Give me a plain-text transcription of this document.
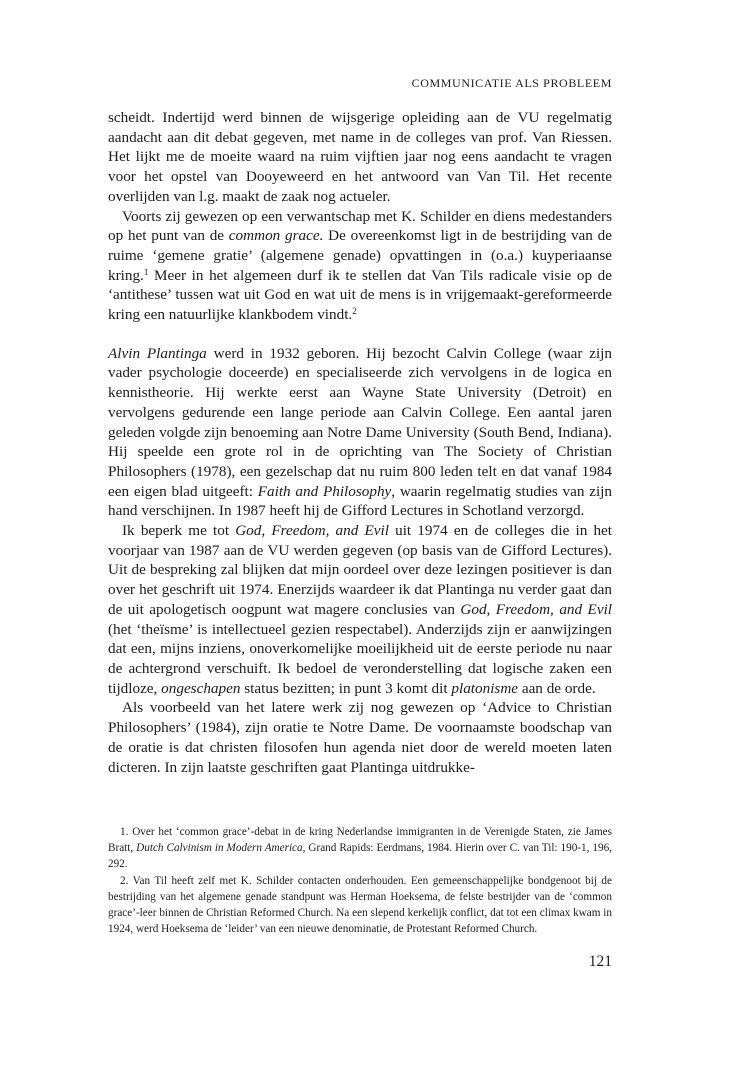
COMMUNICATIE ALS PROBLEEM

scheidt. Indertijd werd binnen de wijsgerige opleiding aan de VU regelmatig aandacht aan dit debat gegeven, met name in de colleges van prof. Van Riessen. Het lijkt me de moeite waard na ruim vijftien jaar nog eens aandacht te vragen voor het opstel van Dooyeweerd en het antwoord van Van Til. Het recente overlijden van l.g. maakt de zaak nog actueler.

Voorts zij gewezen op een verwantschap met K. Schilder en diens medestanders op het punt van de common grace. De overeenkomst ligt in de bestrijding van de ruime ‘gemene gratie’ (algemene genade) opvattingen in (o.a.) kuyperiaanse kring.$^1$ Meer in het algemeen durf ik te stellen dat Van Tils radicale visie op de ‘antithese’ tussen wat uit God en wat uit de mens is in vrijgemaakt-gereformeerde kring een natuurlijke klankbodem vindt.$^2$

Alvin Plantinga werd in 1932 geboren. Hij bezocht Calvin College (waar zijn vader psychologie doceerde) en specialiseerde zich vervolgens in de logica en kennistheorie. Hij werkte eerst aan Wayne State University (Detroit) en vervolgens gedurende een lange periode aan Calvin College. Een aantal jaren geleden volgde zijn benoeming aan Notre Dame University (South Bend, Indiana). Hij speelde een grote rol in de oprichting van The Society of Christian Philosophers (1978), een gezelschap dat nu ruim 800 leden telt en dat vanaf 1984 een eigen blad uitgeeft: Faith and Philosophy, waarin regelmatig studies van zijn hand verschijnen. In 1987 heeft hij de Gifford Lectures in Schotland verzorgd.

Ik beperk me tot God, Freedom, and Evil uit 1974 en de colleges die in het voorjaar van 1987 aan de VU werden gegeven (op basis van de Gifford Lectures). Uit de bespreking zal blijken dat mijn oordeel over deze lezingen positiever is dan over het geschrift uit 1974. Enerzijds waardeer ik dat Plantinga nu verder gaat dan de uit apologetisch oogpunt wat magere conclusies van God, Freedom, and Evil (het ‘theïsme’ is intellectueel gezien respectabel). Anderzijds zijn er aanwijzingen dat een, mijns inziens, onoverkomelijke moeilijkheid uit de eerste periode nu naar de achtergrond verschuift. Ik bedoel de veronderstelling dat logische zaken een tijdloze, ongeschapen status bezitten; in punt 3 komt dit platonisme aan de orde.

Als voorbeeld van het latere werk zij nog gewezen op ‘Advice to Christian Philosophers’ (1984), zijn oratie te Notre Dame. De voornaamste boodschap van de oratie is dat christen filosofen hun agenda niet door de wereld moeten laten dicteren. In zijn laatste geschriften gaat Plantinga uitdrukke-

1. Over het ‘common grace’-debat in de kring Nederlandse immigranten in de Verenigde Staten, zie James Bratt, Dutch Calvinism in Modern America, Grand Rapids: Eerdmans, 1984. Hierin over C. van Til: 190-1, 196, 292.

2. Van Til heeft zelf met K. Schilder contacten onderhouden. Een gemeenschappelijke bondgenoot bij de bestrijding van het algemene genade standpunt was Herman Hoeksema, de felste bestrijder van de ‘common grace’-leer binnen de Christian Reformed Church. Na een slepend kerkelijk conflict, dat tot een climax kwam in 1924, werd Hoeksema de ‘leider’ van een nieuwe denominatie, de Protestant Reformed Church.

121
